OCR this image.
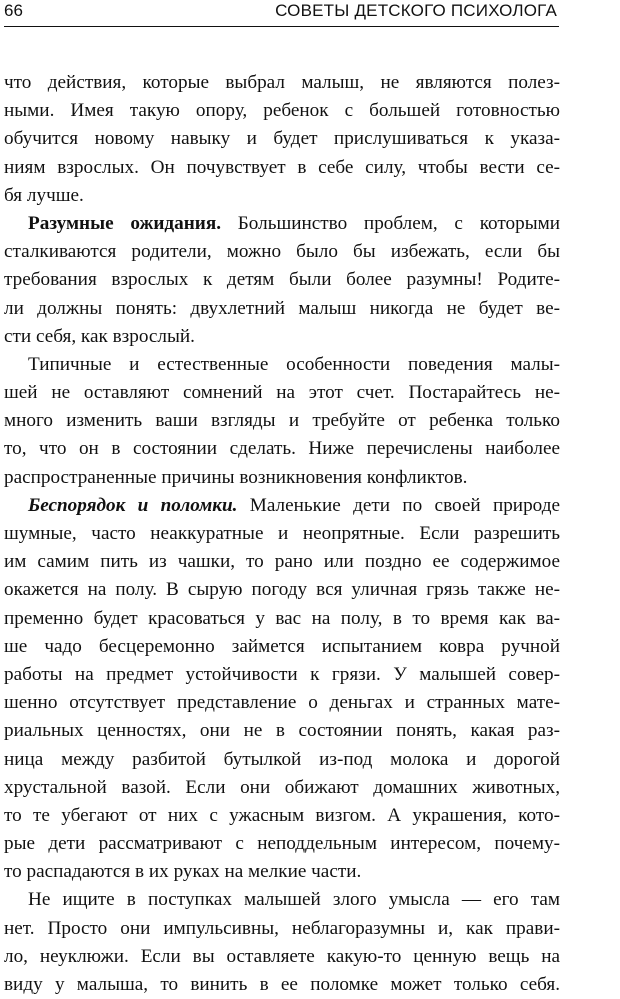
66	СОВЕТЫ ДЕТСКОГО ПСИХОЛОГА
что действия, которые выбрал малыш, не являются полез-
ными. Имея такую опору, ребенок с большей готовностью
обучится новому навыку и будет прислушиваться к указа-
ниям взрослых. Он почувствует в себе силу, чтобы вести се-
бя лучше.
Разумные ожидания. Большинство проблем, с которыми
сталкиваются родители, можно было бы избежать, если бы
требования взрослых к детям были более разумны! Родите-
ли должны понять: двухлетний малыш никогда не будет ве-
сти себя, как взрослый.
Типичные и естественные особенности поведения малы-
шей не оставляют сомнений на этот счет. Постарайтесь не-
много изменить ваши взгляды и требуйте от ребенка только
то, что он в состоянии сделать. Ниже перечислены наиболее
распространенные причины возникновения конфликтов.
Беспорядок и поломки. Маленькие дети по своей природе
шумные, часто неаккуратные и неопрятные. Если разрешить
им самим пить из чашки, то рано или поздно ее содержимое
окажется на полу. В сырую погоду вся уличная грязь также не-
пременно будет красоваться у вас на полу, в то время как ва-
ше чадо бесцеремонно займется испытанием ковра ручной
работы на предмет устойчивости к грязи. У малышей совер-
шенно отсутствует представление о деньгах и странных мате-
риальных ценностях, они не в состоянии понять, какая раз-
ница между разбитой бутылкой из-под молока и дорогой
хрустальной вазой. Если они обижают домашних животных,
то те убегают от них с ужасным визгом. А украшения, кото-
рые дети рассматривают с неподдельным интересом, почему-
то распадаются в их руках на мелкие части.
Не ищите в поступках малышей злого умысла — его там
нет. Просто они импульсивны, неблагоразумны и, как прави-
ло, неуклюжи. Если вы оставляете какую-то ценную вещь на
виду у малыша, то винить в ее поломке может только себя.
